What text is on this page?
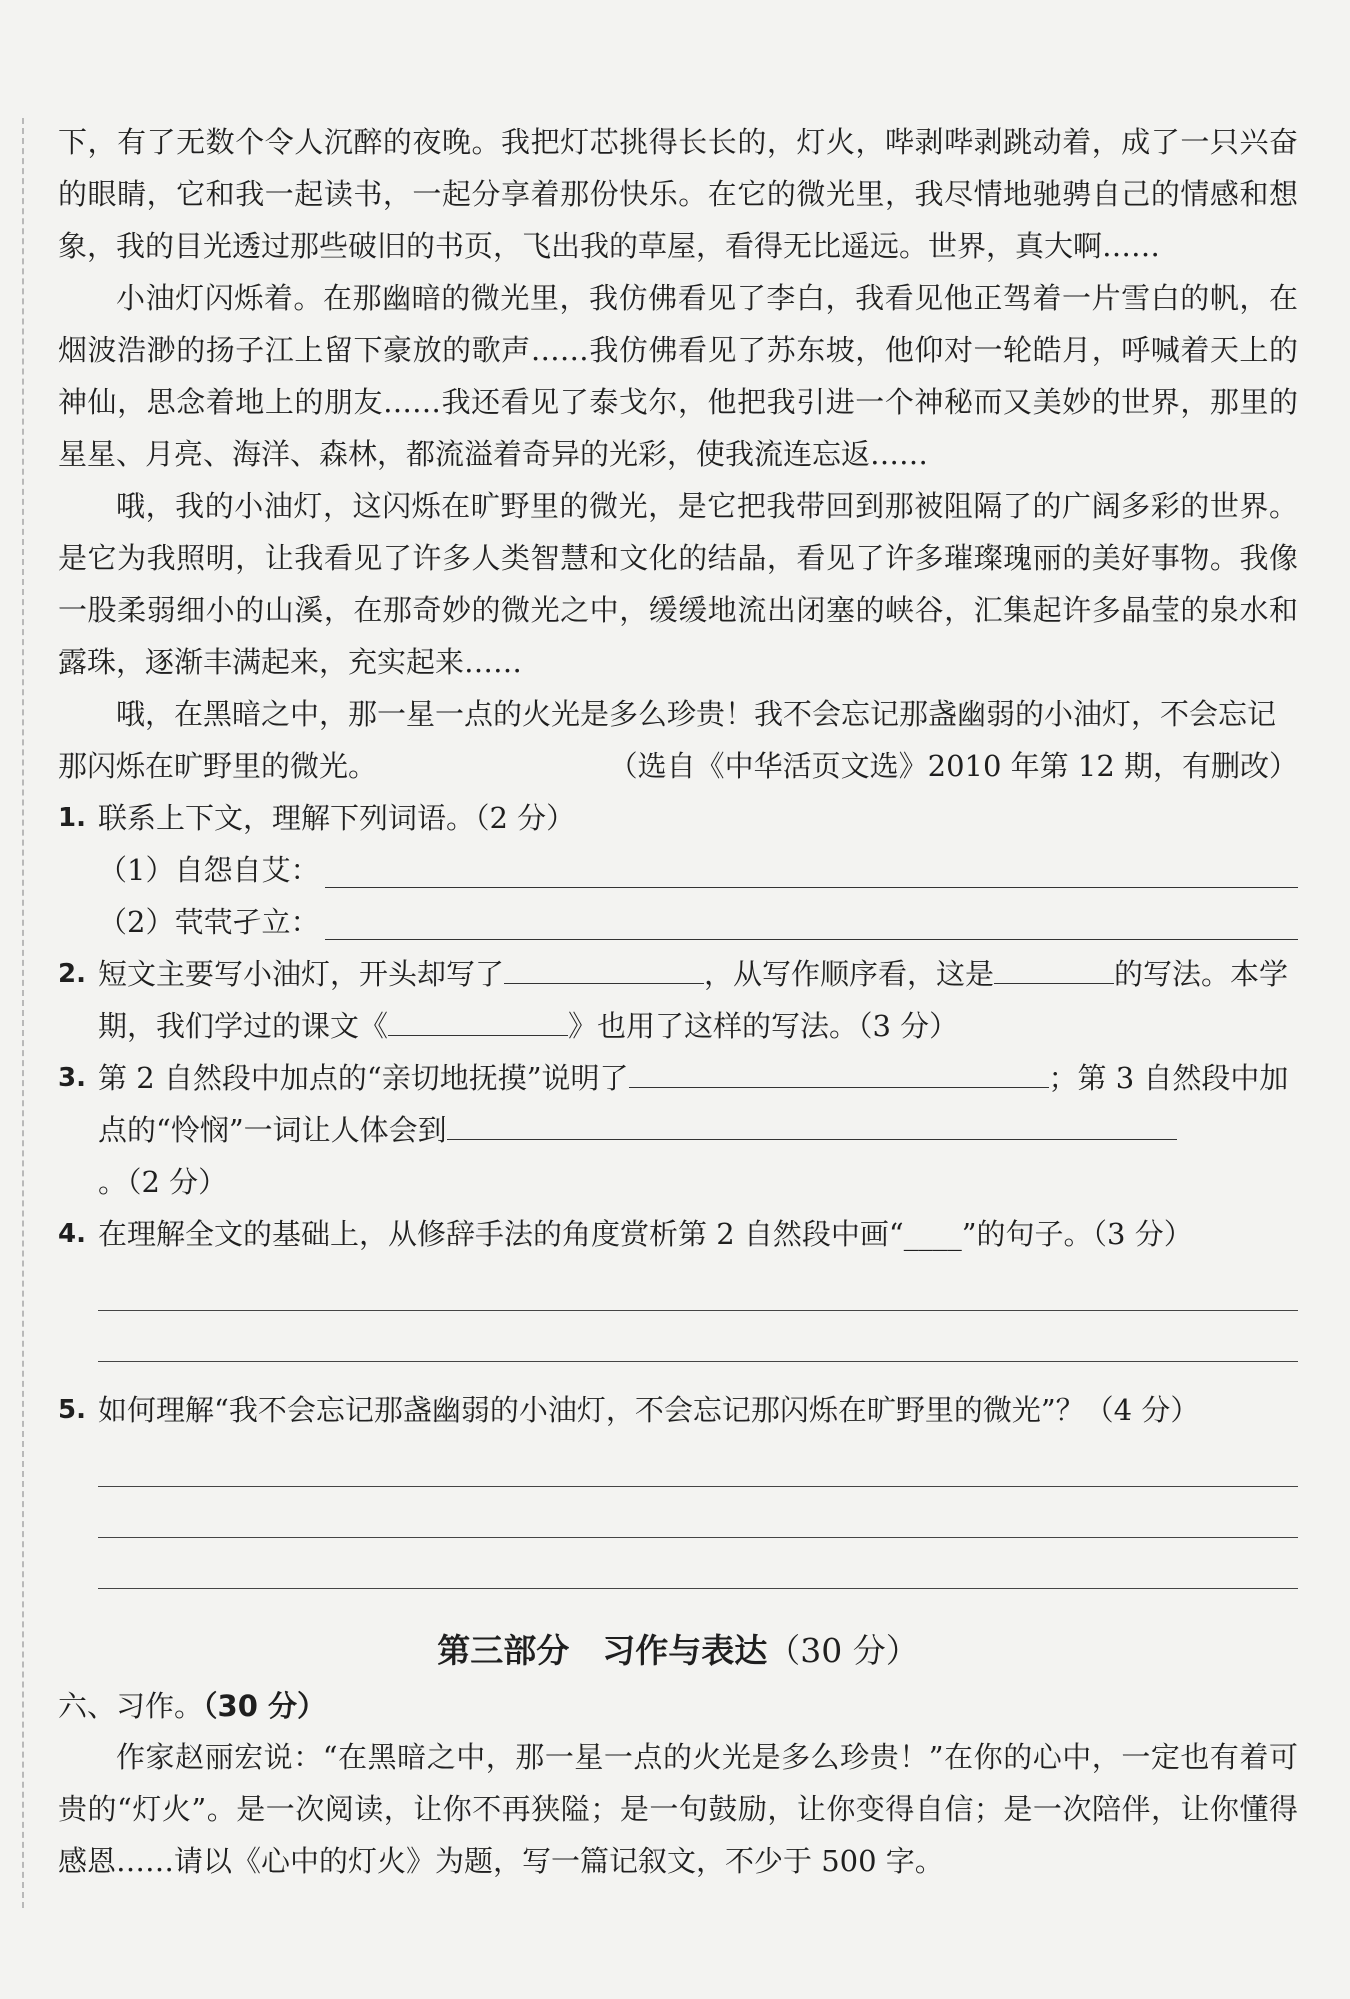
下，有了无数个令人沉醉的夜晚。我把灯芯挑得长长的，灯火，哔剥哔剥跳动着，成了一只兴奋的眼睛，它和我一起读书，一起分享着那份快乐。在它的微光里，我尽情地驰骋自己的情感和想象，我的目光透过那些破旧的书页，飞出我的草屋，看得无比遥远。世界，真大啊……

小油灯闪烁着。在那幽暗的微光里，我仿佛看见了李白，我看见他正驾着一片雪白的帆，在烟波浩渺的扬子江上留下豪放的歌声……我仿佛看见了苏东坡，他仰对一轮皓月，呼喊着天上的神仙，思念着地上的朋友……我还看见了泰戈尔，他把我引进一个神秘而又美妙的世界，那里的星星、月亮、海洋、森林，都流溢着奇异的光彩，使我流连忘返……

哦，我的小油灯，这闪烁在旷野里的微光，是它把我带回到那被阻隔了的广阔多彩的世界。是它为我照明，让我看见了许多人类智慧和文化的结晶，看见了许多璀璨瑰丽的美好事物。我像一股柔弱细小的山溪，在那奇妙的微光之中，缓缓地流出闭塞的峡谷，汇集起许多晶莹的泉水和露珠，逐渐丰满起来，充实起来……

哦，在黑暗之中，那一星一点的火光是多么珍贵！我不会忘记那盏幽弱的小油灯，不会忘记

那闪烁在旷野里的微光。	（选自《中华活页文选》2010 年第 12 期，有删改）
1. 联系上下文，理解下列词语。（2 分）
（1）自怨自艾：
（2）茕茕孑立：
2. 短文主要写小油灯，开头却写了	，从写作顺序看，这是	的写法。本学期，我们学过的课文《	》也用了这样的写法。（3 分）
3. 第 2 自然段中加点的“亲切地抚摸”说明了	；第 3 自然段中加点的“怜悯”一词让人体会到。（2 分）
4. 在理解全文的基础上，从修辞手法的角度赏析第 2 自然段中画“____”的句子。（3 分）
5. 如何理解“我不会忘记那盏幽弱的小油灯，不会忘记那闪烁在旷野里的微光”？（4 分）
第三部分　习作与表达（30 分）
六、习作。（30 分）

作家赵丽宏说：“在黑暗之中，那一星一点的火光是多么珍贵！”在你的心中，一定也有着可贵的“灯火”。是一次阅读，让你不再狭隘；是一句鼓励，让你变得自信；是一次陪伴，让你懂得感恩……请以《心中的灯火》为题，写一篇记叙文，不少于 500 字。
